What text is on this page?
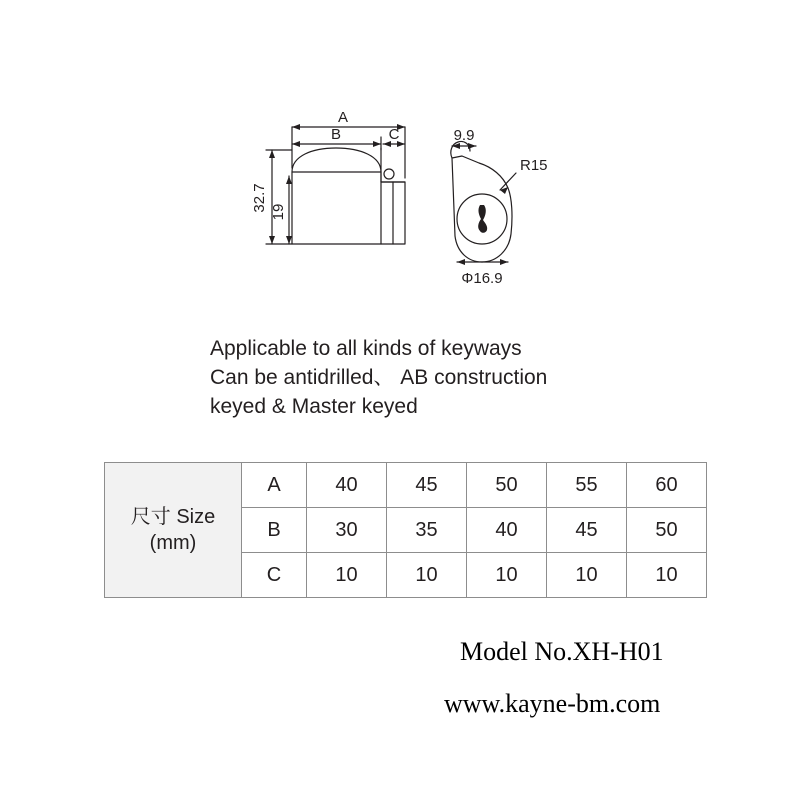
A
B	C
32.7 19
9.9
R15
Φ16.9
Applicable to all kinds of keyways
Can be antidrilled、 AB construction
keyed & Master keyed
尺寸 Size
(mm)	A	40	45	50	55	60
	B	30	35	40	45	50
	C	10	10	10	10	10
Model No.XH-H01
www.kayne-bm.com
